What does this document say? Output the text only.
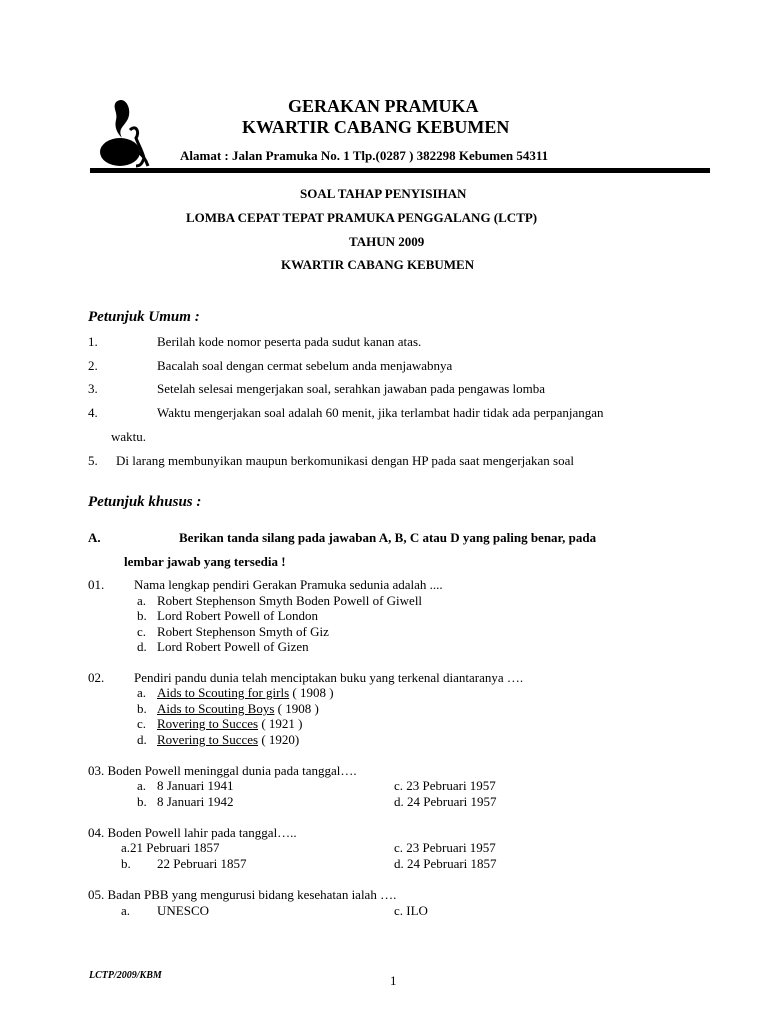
GERAKAN PRAMUKA
KWARTIR CABANG KEBUMEN
Alamat : Jalan Pramuka No. 1 Tlp.(0287 ) 382298 Kebumen 54311
SOAL TAHAP PENYISIHAN
LOMBA CEPAT TEPAT PRAMUKA PENGGALANG (LCTP)
TAHUN 2009
KWARTIR CABANG KEBUMEN
Petunjuk Umum :
1.	Berilah kode nomor peserta pada sudut kanan atas.
2.	Bacalah soal dengan cermat sebelum anda menjawabnya
3.	Setelah selesai mengerjakan soal, serahkan jawaban pada pengawas lomba
4.	Waktu mengerjakan soal adalah 60 menit, jika terlambat hadir tidak ada perpanjangan
waktu.
5. Di larang membunyikan maupun berkomunikasi dengan HP pada saat mengerjakan soal
Petunjuk khusus :
A.	Berikan tanda silang pada jawaban A, B, C atau D yang paling benar, pada
lembar jawab yang tersedia !
01. Nama lengkap pendiri Gerakan Pramuka sedunia adalah ....
a. Robert Stephenson Smyth Boden Powell of Giwell
b. Lord Robert Powell of London
c. Robert Stephenson Smyth of Giz
d. Lord Robert Powell of Gizen
02. Pendiri pandu dunia telah menciptakan buku yang terkenal diantaranya ….
a. Aids to Scouting for girls ( 1908 )
b. Aids to Scouting Boys ( 1908 )
c. Rovering to Succes ( 1921 )
d. Rovering to Succes ( 1920)
03. Boden Powell meninggal dunia pada tanggal….
a. 8 Januari 1941	c. 23 Pebruari 1957
b. 8 Januari 1942	d. 24 Pebruari 1957
04. Boden Powell lahir pada tanggal…..
a.21 Pebruari 1857	c. 23 Pebruari 1957
b. 22 Pebruari 1857	d. 24 Pebruari 1857
05. Badan PBB yang mengurusi bidang kesehatan ialah ….
a. UNESCO	c. ILO
LCTP/2009/KBM	1
